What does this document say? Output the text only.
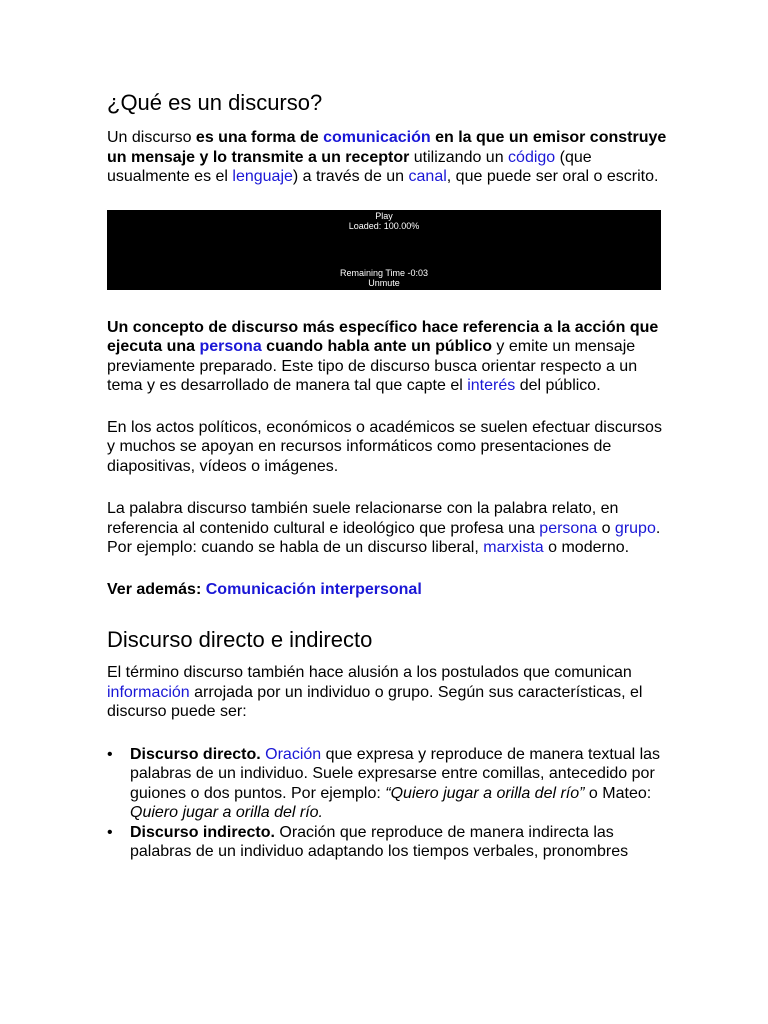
¿Qué es un discurso?

Un discurso es una forma de comunicación en la que un emisor construye un mensaje y lo transmite a un receptor utilizando un código (que usualmente es el lenguaje) a través de un canal, que puede ser oral o escrito.

Play
Loaded: 100.00%
Remaining Time -0:03
Unmute

Un concepto de discurso más específico hace referencia a la acción que ejecuta una persona cuando habla ante un público y emite un mensaje previamente preparado. Este tipo de discurso busca orientar respecto a un tema y es desarrollado de manera tal que capte el interés del público.

En los actos políticos, económicos o académicos se suelen efectuar discursos y muchos se apoyan en recursos informáticos como presentaciones de diapositivas, vídeos o imágenes.

La palabra discurso también suele relacionarse con la palabra relato, en referencia al contenido cultural e ideológico que profesa una persona o grupo. Por ejemplo: cuando se habla de un discurso liberal, marxista o moderno.

Ver además: Comunicación interpersonal

Discurso directo e indirecto

El término discurso también hace alusión a los postulados que comunican información arrojada por un individuo o grupo. Según sus características, el discurso puede ser:

• Discurso directo. Oración que expresa y reproduce de manera textual las palabras de un individuo. Suele expresarse entre comillas, antecedido por guiones o dos puntos. Por ejemplo: “Quiero jugar a orilla del río” o Mateo: Quiero jugar a orilla del río.
• Discurso indirecto. Oración que reproduce de manera indirecta las palabras de un individuo adaptando los tiempos verbales, pronombres
